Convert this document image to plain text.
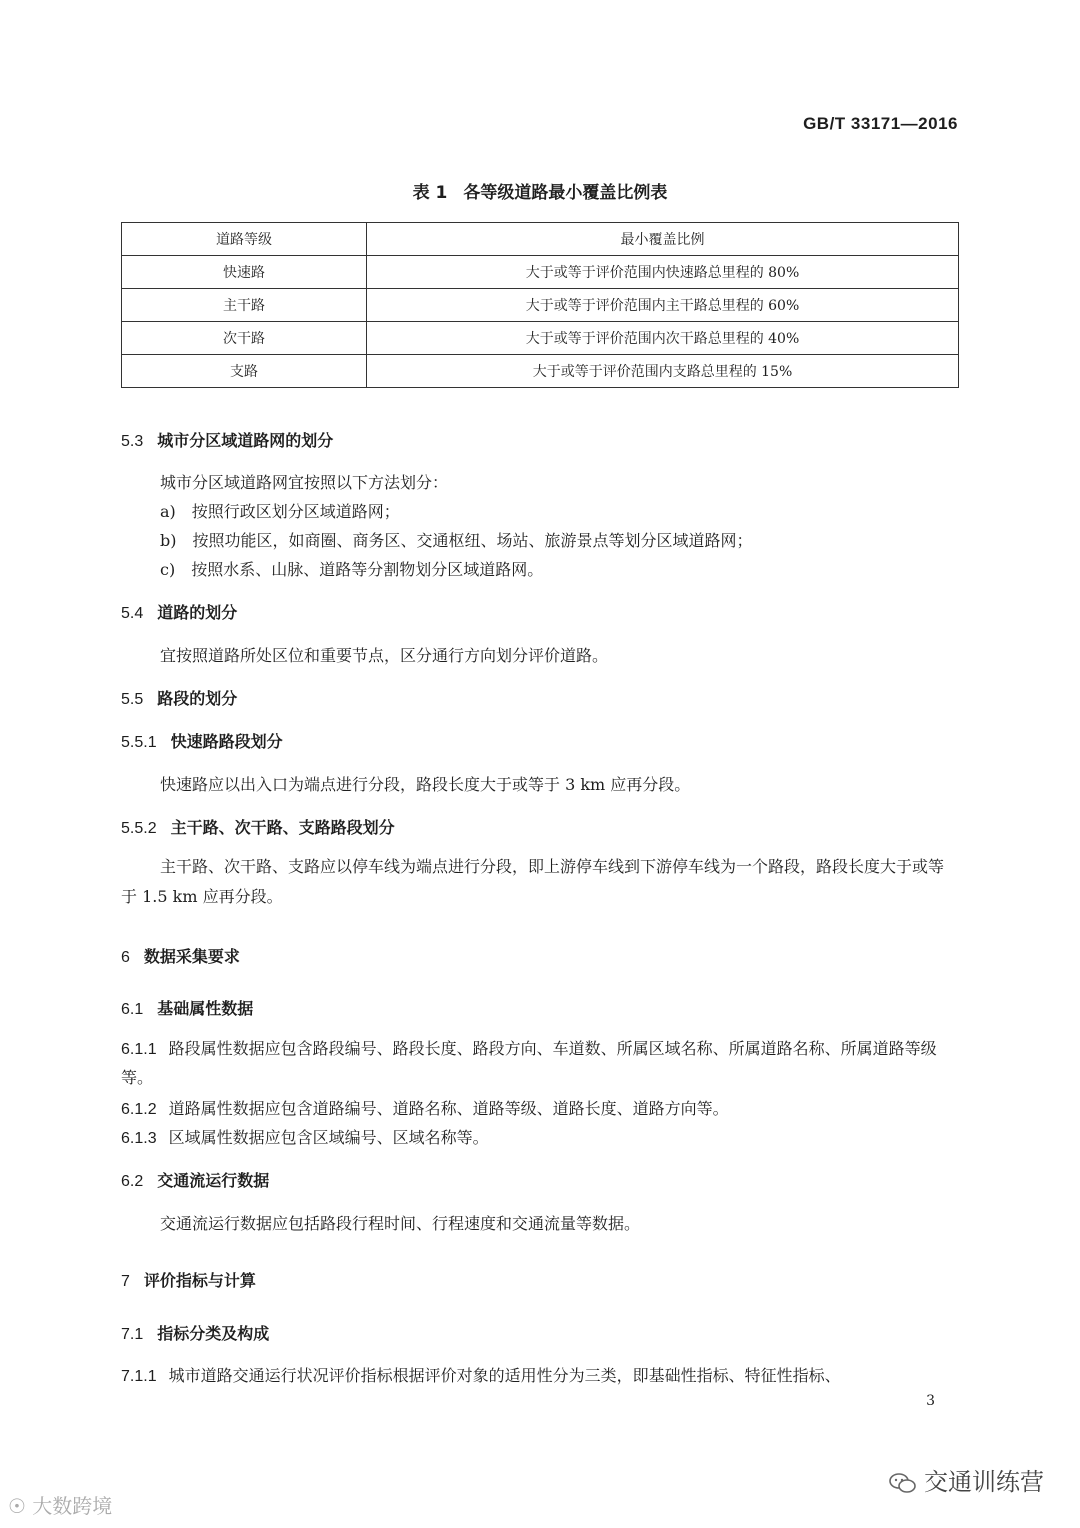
GB/T 33171—2016
表 1 各等级道路最小覆盖比例表
道路等级	最小覆盖比例
快速路	大于或等于评价范围内快速路总里程的 80%
主干路	大于或等于评价范围内主干路总里程的 60%
次干路	大于或等于评价范围内次干路总里程的 40%
支路	大于或等于评价范围内支路总里程的 15%
5.3 城市分区域道路网的划分

城市分区域道路网宜按照以下方法划分：

a)　按照行政区划分区域道路网；

b)　按照功能区，如商圈、商务区、交通枢纽、场站、旅游景点等划分区域道路网；

c)　按照水系、山脉、道路等分割物划分区域道路网。

5.4 道路的划分

宜按照道路所处区位和重要节点，区分通行方向划分评价道路。

5.5 路段的划分
5.5.1 快速路路段划分

快速路应以出入口为端点进行分段，路段长度大于或等于 3 km 应再分段。

5.5.2 主干路、次干路、支路路段划分

主干路、次干路、支路应以停车线为端点进行分段，即上游停车线到下游停车线为一个路段，路段长度大于或等于 1.5 km 应再分段。

6 数据采集要求
6.1 基础属性数据

6.1.1 路段属性数据应包含路段编号、路段长度、路段方向、车道数、所属区域名称、所属道路名称、所属道路等级等。

6.1.2 道路属性数据应包含道路编号、道路名称、道路等级、道路长度、道路方向等。

6.1.3 区域属性数据应包含区域编号、区域名称等。

6.2 交通流运行数据

交通流运行数据应包括路段行程时间、行程速度和交通流量等数据。

7 评价指标与计算
7.1 指标分类及构成

7.1.1 城市道路交通运行状况评价指标根据评价对象的适用性分为三类，即基础性指标、特征性指标、

3
☉ 大数跨境
交通训练营
